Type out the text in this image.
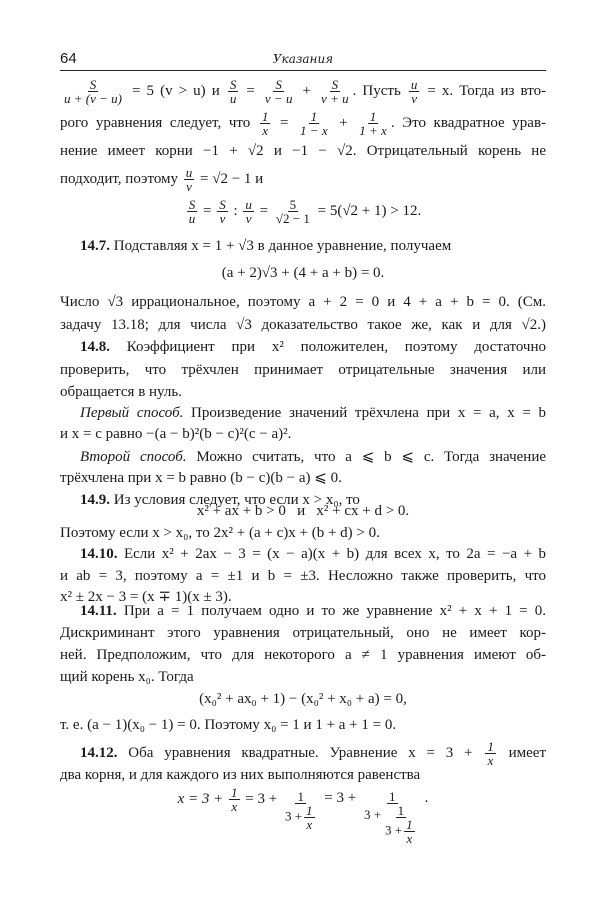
64	Указания
$\frac{S}{u + (v - u)} = 5$ (v > u) и $\frac{S}{u} = \frac{S}{v - u} + \frac{S}{v + u}$ . Пусть $\frac{u}{v} = x$. Тогда из вто-
рого уравнения следует, что $\frac{1}{x} = \frac{1}{1 - x} + \frac{1}{1 + x}$ . Это квадратное урав-
нение имеет корни −1 + √2 и −1 − √2. Отрицательный корень не
подходит, поэтому $\frac{u}{v} = √2 - 1$ и
$\frac{S}{u} = \frac{S}{v}$ : $\frac{u}{v} = \frac{5}{√2 - 1} = 5(√2 + 1) > 12$.
14.7. Подставляя x = 1 + √3 в данное уравнение, получаем
(a + 2)√3 + (4 + a + b) = 0.
Число √3 иррациональное, поэтому a + 2 = 0 и 4 + a + b = 0. (См.
задачу 13.18; для числа √3 доказательство такое же, как и для √2.)
14.8. Коэффициент при x² положителен, поэтому достаточно
проверить, что трёхчлен принимает отрицательные значения или
обращается в нуль.
Первый способ. Произведение значений трёхчлена при x = a, x = b
и x = c равно −(a − b)²(b − c)²(c − a)².
Второй способ. Можно считать, что a ⩽ b ⩽ c. Тогда значение
трёхчлена при x = b равно (b − c)(b − a) ⩽ 0.
14.9. Из условия следует, что если x > x₀, то
x² + ax + b > 0   и   x² + cx + d > 0.
Поэтому если x > x₀, то 2x² + (a + c)x + (b + d) > 0.
14.10. Если x² + 2ax − 3 = (x − a)(x + b) для всех x, то 2a = −a + b
и ab = 3, поэтому a = ±1 и b = ±3. Несложно также проверить, что
x² ± 2x − 3 = (x ∓ 1)(x ± 3).
14.11. При a = 1 получаем одно и то же уравнение x² + x + 1 = 0.
Дискриминант этого уравнения отрицательный, оно не имеет кор-
ней. Предположим, что для некоторого a ≠ 1 уравнения имеют об-
щий корень x₀. Тогда
(x₀² + ax₀ + 1) − (x₀² + x₀ + a) = 0,
т. е. (a − 1)(x₀ − 1) = 0. Поэтому x₀ = 1 и 1 + a + 1 = 0.
14.12. Оба уравнения квадратные. Уравнение $x = 3 + \frac{1}{x}$ имеет
два корня, и для каждого из них выполняются равенства
$x = 3 + \frac{1}{x} = 3 + \frac{1}{3 + \frac{1}{x}} = 3 + \frac{1}{3 + \frac{1}{3 + \frac{1}{x}}}$ .
